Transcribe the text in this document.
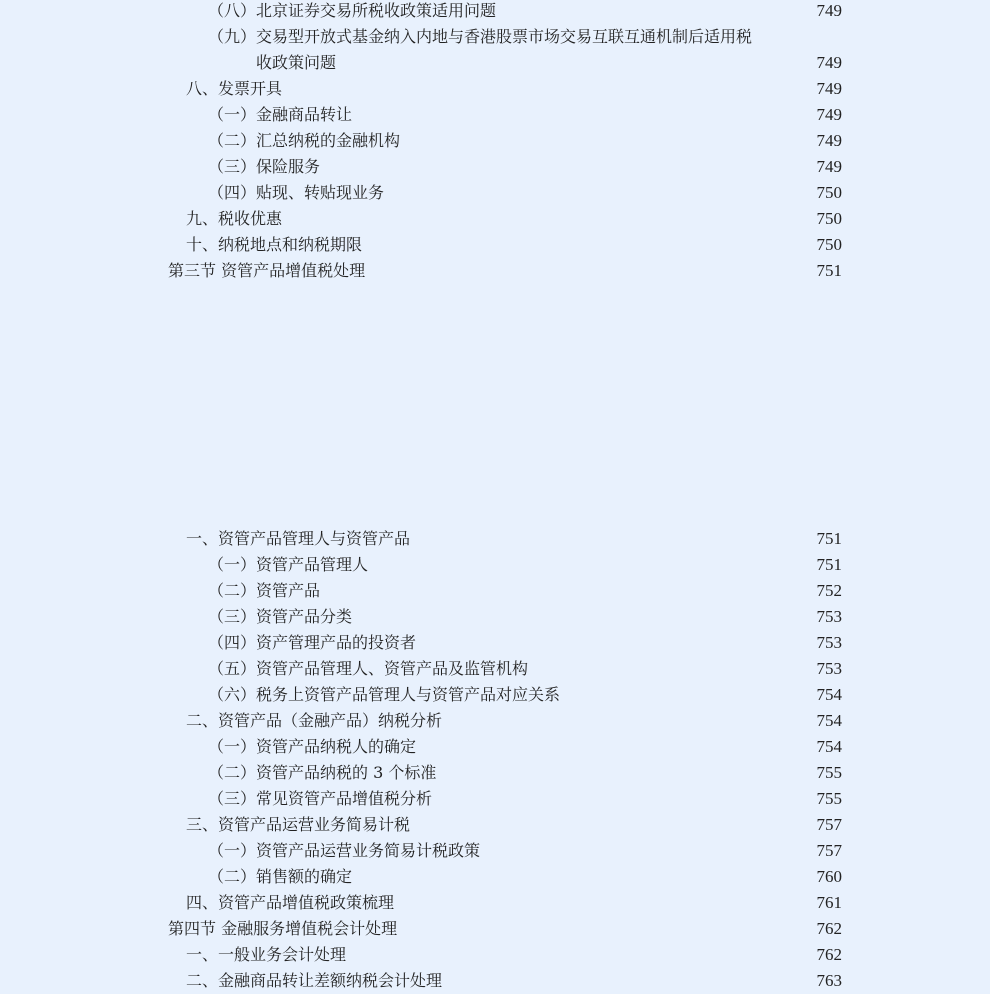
（八）北京证券交易所税收政策适用问题	749
（九）交易型开放式基金纳入内地与香港股票市场交易互联互通机制后适用税
收政策问题	749
八、发票开具	749
（一）金融商品转让	749
（二）汇总纳税的金融机构	749
（三）保险服务	749
（四）贴现、转贴现业务	750
九、税收优惠	750
十、纳税地点和纳税期限	750
第三节 资管产品增值税处理	751
一、资管产品管理人与资管产品	751
（一）资管产品管理人	751
（二）资管产品	752
（三）资管产品分类	753
（四）资产管理产品的投资者	753
（五）资管产品管理人、资管产品及监管机构	753
（六）税务上资管产品管理人与资管产品对应关系	754
二、资管产品（金融产品）纳税分析	754
（一）资管产品纳税人的确定	754
（二）资管产品纳税的 3 个标准	755
（三）常见资管产品增值税分析	755
三、资管产品运营业务简易计税	757
（一）资管产品运营业务简易计税政策	757
（二）销售额的确定	760
四、资管产品增值税政策梳理	761
第四节 金融服务增值税会计处理	762
一、一般业务会计处理	762
二、金融商品转让差额纳税会计处理	763
